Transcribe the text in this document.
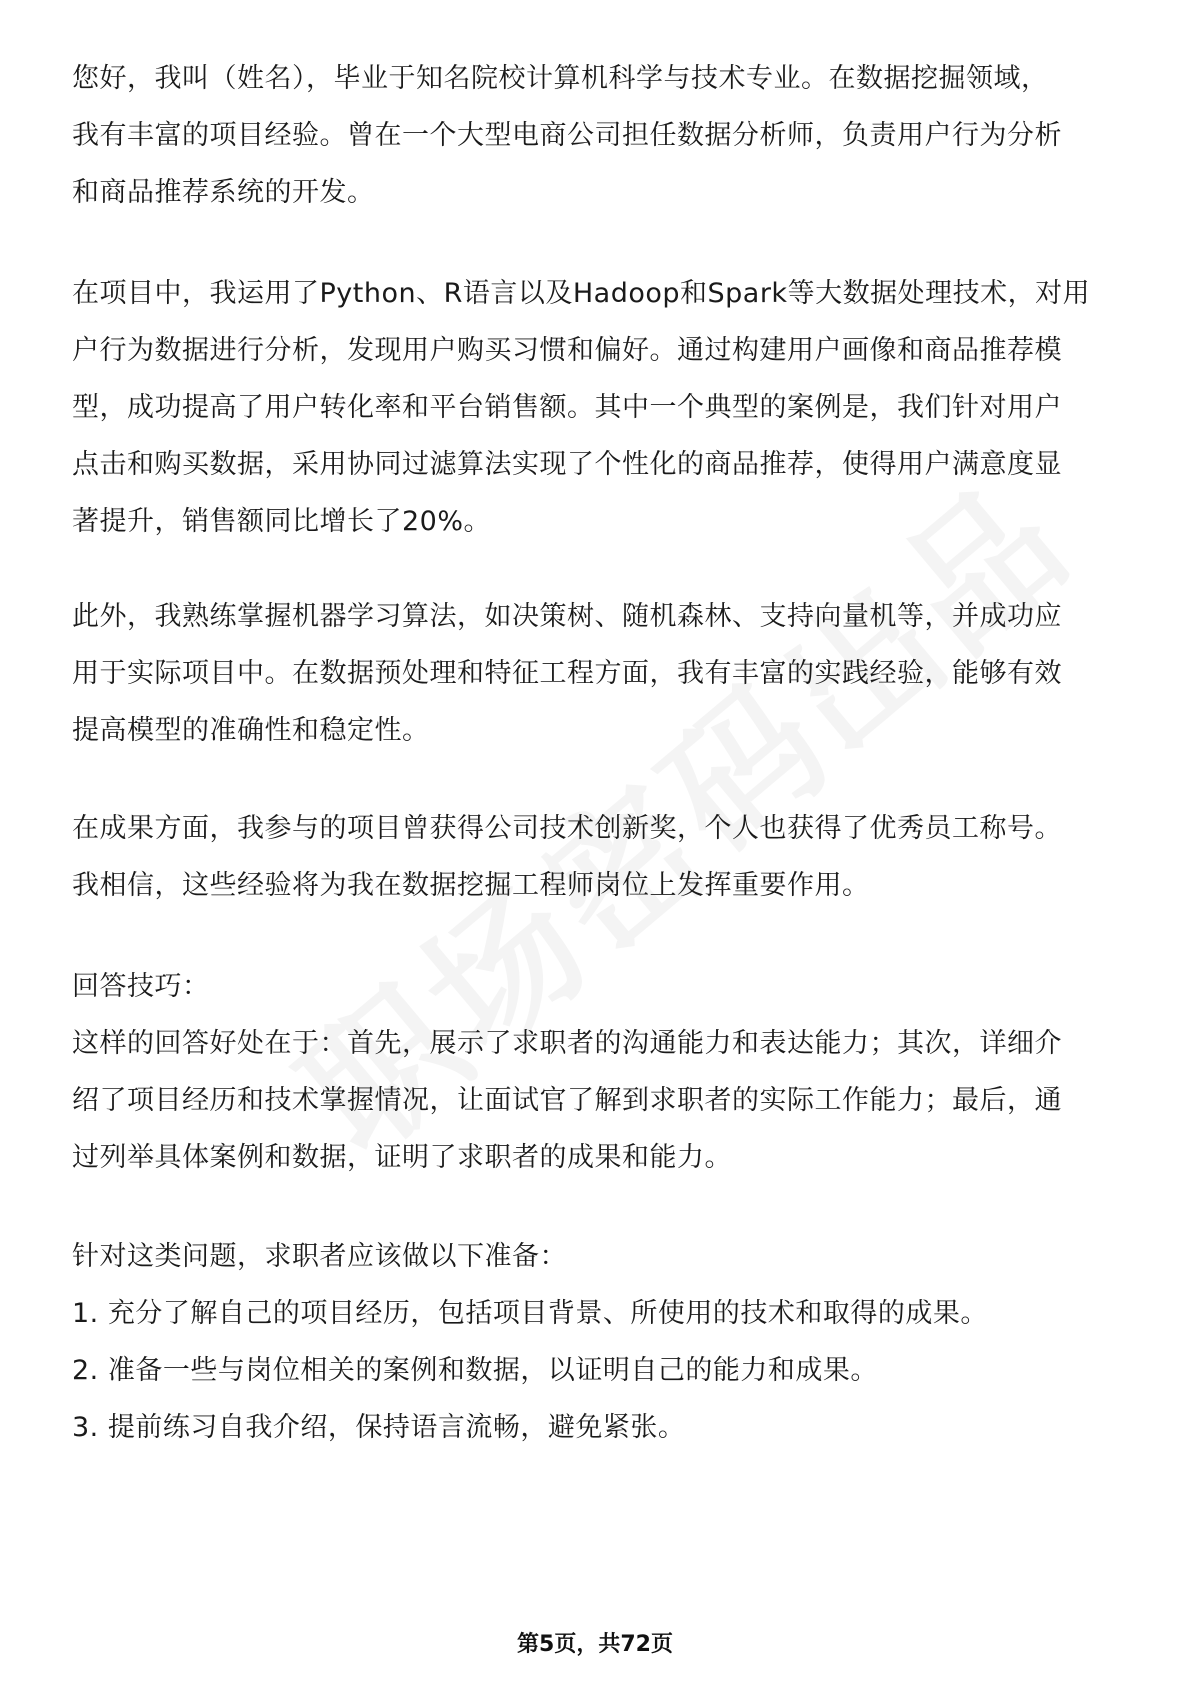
您好，我叫（姓名），毕业于知名院校计算机科学与技术专业。在数据挖掘领域，
我有丰富的项目经验。曾在一个大型电商公司担任数据分析师，负责用户行为分析
和商品推荐系统的开发。

在项目中，我运用了Python、R语言以及Hadoop和Spark等大数据处理技术，对用
户行为数据进行分析，发现用户购买习惯和偏好。通过构建用户画像和商品推荐模
型，成功提高了用户转化率和平台销售额。其中一个典型的案例是，我们针对用户
点击和购买数据，采用协同过滤算法实现了个性化的商品推荐，使得用户满意度显
著提升，销售额同比增长了20%。

此外，我熟练掌握机器学习算法，如决策树、随机森林、支持向量机等，并成功应
用于实际项目中。在数据预处理和特征工程方面，我有丰富的实践经验，能够有效
提高模型的准确性和稳定性。

在成果方面，我参与的项目曾获得公司技术创新奖，个人也获得了优秀员工称号。
我相信，这些经验将为我在数据挖掘工程师岗位上发挥重要作用。

回答技巧：
这样的回答好处在于：首先，展示了求职者的沟通能力和表达能力；其次，详细介
绍了项目经历和技术掌握情况，让面试官了解到求职者的实际工作能力；最后，通
过列举具体案例和数据，证明了求职者的成果和能力。

针对这类问题，求职者应该做以下准备：
1. 充分了解自己的项目经历，包括项目背景、所使用的技术和取得的成果。
2. 准备一些与岗位相关的案例和数据，以证明自己的能力和成果。
3. 提前练习自我介绍，保持语言流畅，避免紧张。

第5页，共72页
